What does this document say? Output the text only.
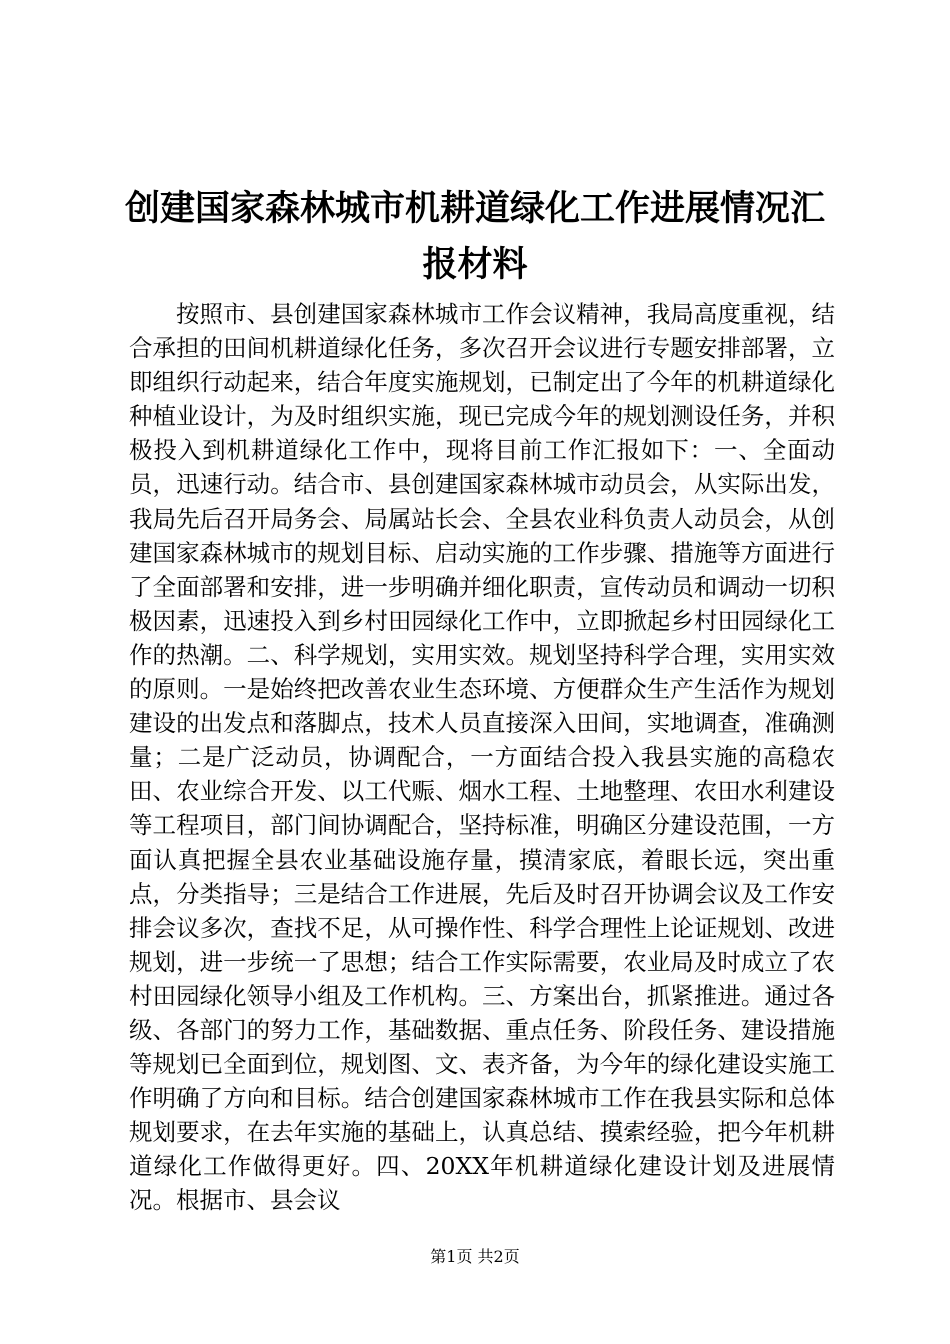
创建国家森林城市机耕道绿化工作进展情况汇报材料

按照市、县创建国家森林城市工作会议精神，我局高度重视，结合承担的田间机耕道绿化任务，多次召开会议进行专题安排部署，立即组织行动起来，结合年度实施规划，已制定出了今年的机耕道绿化种植业设计，为及时组织实施，现已完成今年的规划测设任务，并积极投入到机耕道绿化工作中，现将目前工作汇报如下：一、全面动员，迅速行动。结合市、县创建国家森林城市动员会，从实际出发，我局先后召开局务会、局属站长会、全县农业科负责人动员会，从创建国家森林城市的规划目标、启动实施的工作步骤、措施等方面进行了全面部署和安排，进一步明确并细化职责，宣传动员和调动一切积极因素，迅速投入到乡村田园绿化工作中，立即掀起乡村田园绿化工作的热潮。二、科学规划，实用实效。规划坚持科学合理，实用实效的原则。一是始终把改善农业生态环境、方便群众生产生活作为规划建设的出发点和落脚点，技术人员直接深入田间，实地调查，准确测量；二是广泛动员，协调配合，一方面结合投入我县实施的高稳农田、农业综合开发、以工代赈、烟水工程、土地整理、农田水利建设等工程项目，部门间协调配合，坚持标准，明确区分建设范围，一方面认真把握全县农业基础设施存量，摸清家底，着眼长远，突出重点，分类指导；三是结合工作进展，先后及时召开协调会议及工作安排会议多次，查找不足，从可操作性、科学合理性上论证规划、改进规划，进一步统一了思想；结合工作实际需要，农业局及时成立了农村田园绿化领导小组及工作机构。三、方案出台，抓紧推进。通过各级、各部门的努力工作，基础数据、重点任务、阶段任务、建设措施等规划已全面到位，规划图、文、表齐备，为今年的绿化建设实施工作明确了方向和目标。结合创建国家森林城市工作在我县实际和总体规划要求，在去年实施的基础上，认真总结、摸索经验，把今年机耕道绿化工作做得更好。四、20XX年机耕道绿化建设计划及进展情况。根据市、县会议

第1页 共2页
